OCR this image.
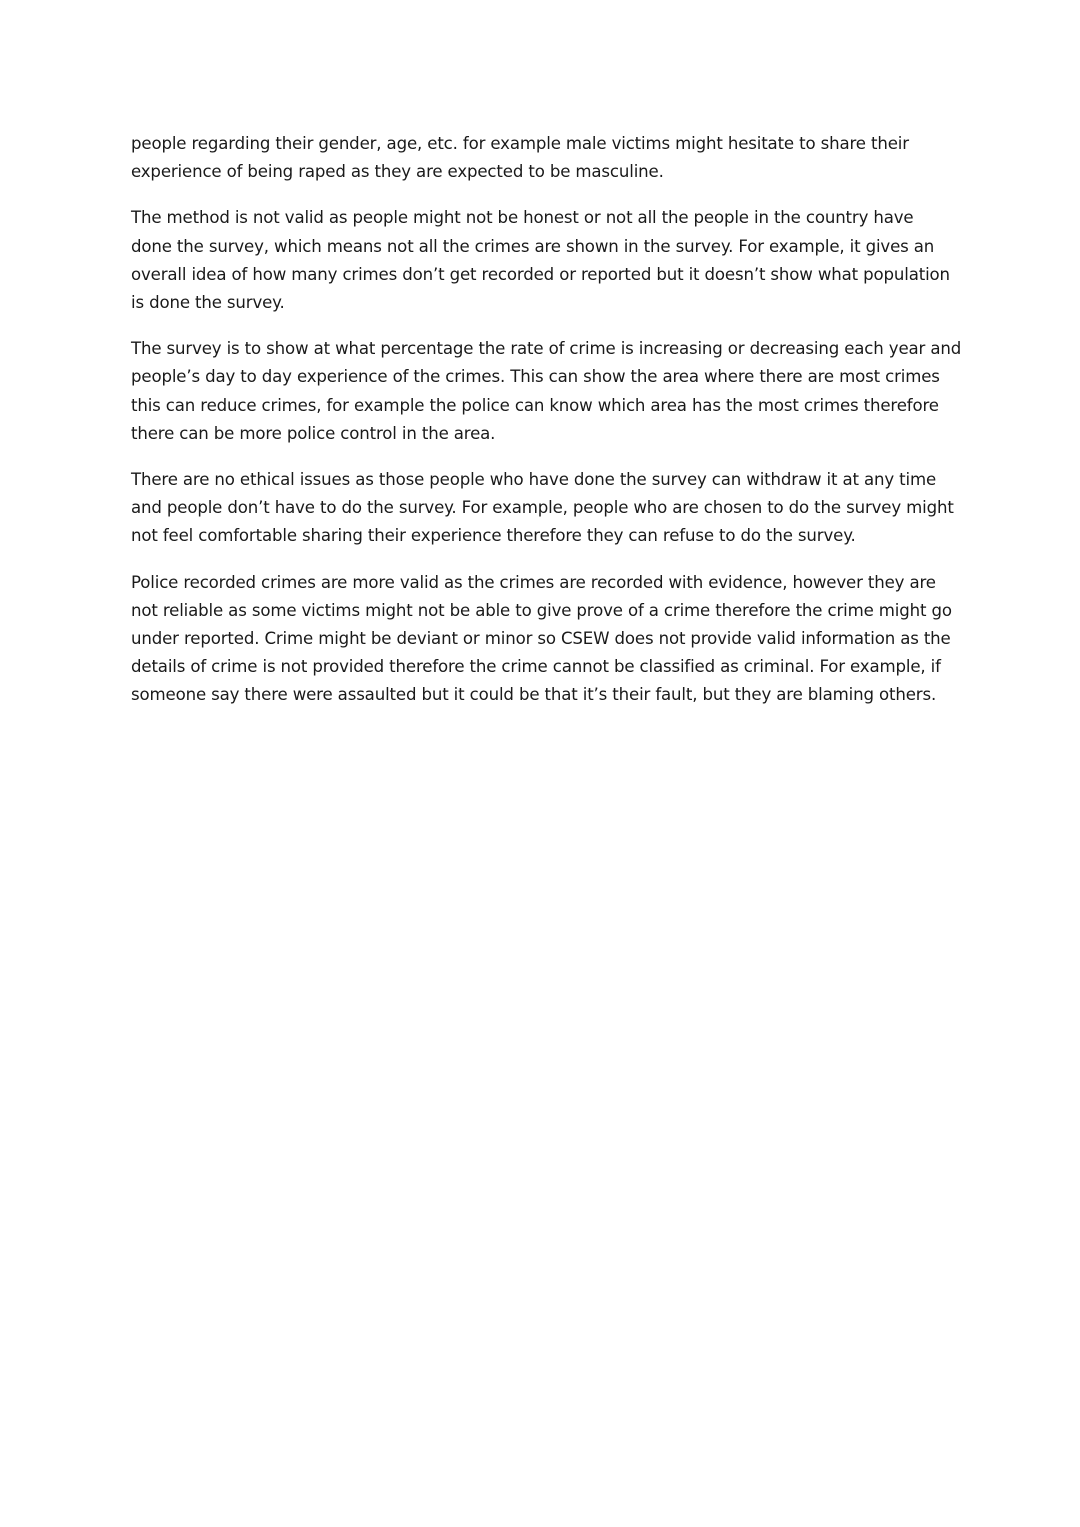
people regarding their gender, age, etc. for example male victims might hesitate to share their
experience of being raped as they are expected to be masculine.

The method is not valid as people might not be honest or not all the people in the country have
done the survey, which means not all the crimes are shown in the survey. For example, it gives an
overall idea of how many crimes don’t get recorded or reported but it doesn’t show what population
is done the survey.

The survey is to show at what percentage the rate of crime is increasing or decreasing each year and
people’s day to day experience of the crimes. This can show the area where there are most crimes
this can reduce crimes, for example the police can know which area has the most crimes therefore
there can be more police control in the area.

There are no ethical issues as those people who have done the survey can withdraw it at any time
and people don’t have to do the survey. For example, people who are chosen to do the survey might
not feel comfortable sharing their experience therefore they can refuse to do the survey.

Police recorded crimes are more valid as the crimes are recorded with evidence, however they are
not reliable as some victims might not be able to give prove of a crime therefore the crime might go
under reported. Crime might be deviant or minor so CSEW does not provide valid information as the
details of crime is not provided therefore the crime cannot be classified as criminal. For example, if
someone say there were assaulted but it could be that it’s their fault, but they are blaming others.
